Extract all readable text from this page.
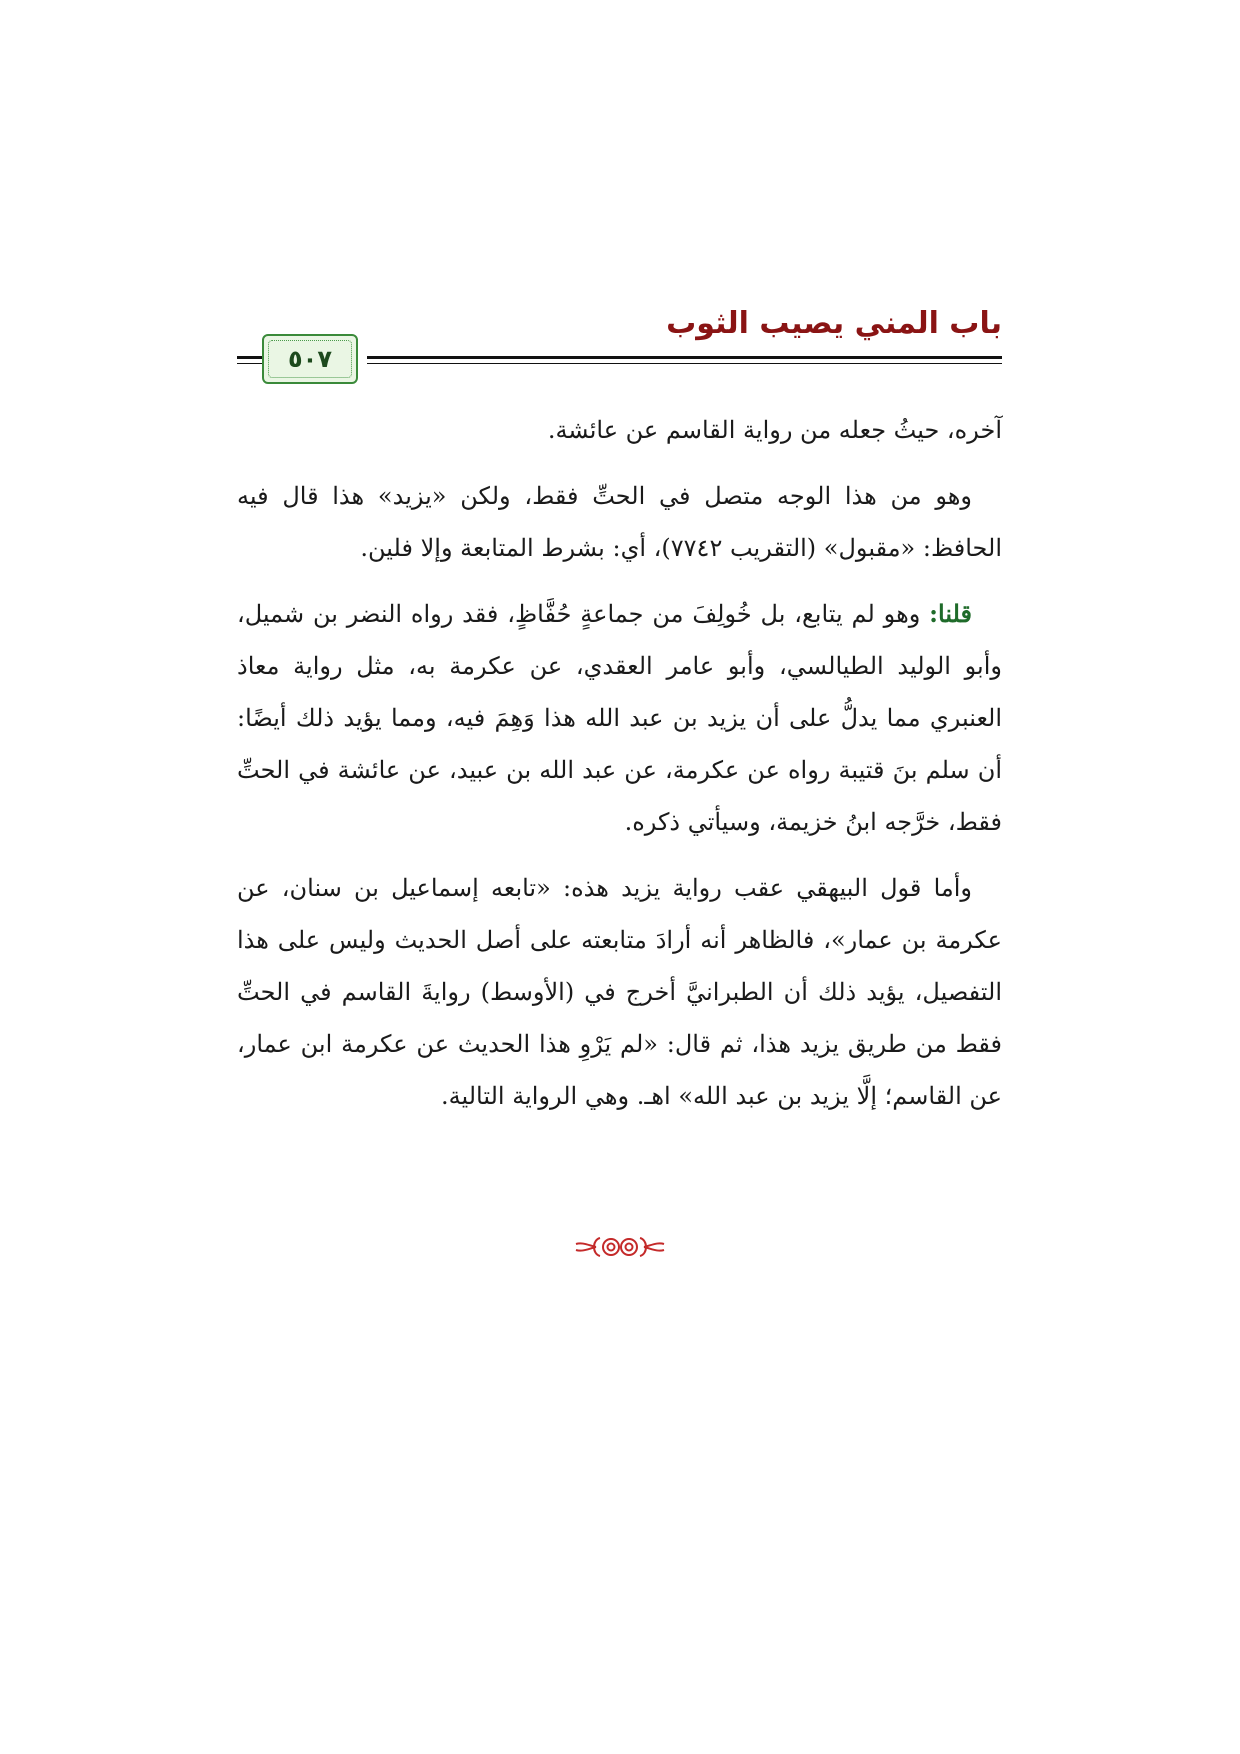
باب المني يصيب الثوب
٥٠٧

آخره، حيثُ جعله من رواية القاسم عن عائشة.

وهو من هذا الوجه متصل في الحتِّ فقط، ولكن «يزيد» هذا قال فيه الحافظ: «مقبول» (التقريب ٧٧٤٢)، أي: بشرط المتابعة وإلا فلين.

قلنا: وهو لم يتابع، بل خُولِفَ من جماعةٍ حُفَّاظٍ، فقد رواه النضر بن شميل، وأبو الوليد الطيالسي، وأبو عامر العقدي، عن عكرمة به، مثل رواية معاذ العنبري مما يدلُّ على أن يزيد بن عبد الله هذا وَهِمَ فيه، ومما يؤيد ذلك أيضًا: أن سلم بنَ قتيبة رواه عن عكرمة، عن عبد الله بن عبيد، عن عائشة في الحتِّ فقط، خرَّجه ابنُ خزيمة، وسيأتي ذكره.

وأما قول البيهقي عقب رواية يزيد هذه: «تابعه إسماعيل بن سنان، عن عكرمة بن عمار»، فالظاهر أنه أرادَ متابعته على أصل الحديث وليس على هذا التفصيل، يؤيد ذلك أن الطبرانيَّ أخرج في (الأوسط) روايةَ القاسم في الحتِّ فقط من طريق يزيد هذا، ثم قال: «لم يَرْوِ هذا الحديث عن عكرمة ابن عمار، عن القاسم؛ إلَّا يزيد بن عبد الله» اهـ. وهي الرواية التالية.
